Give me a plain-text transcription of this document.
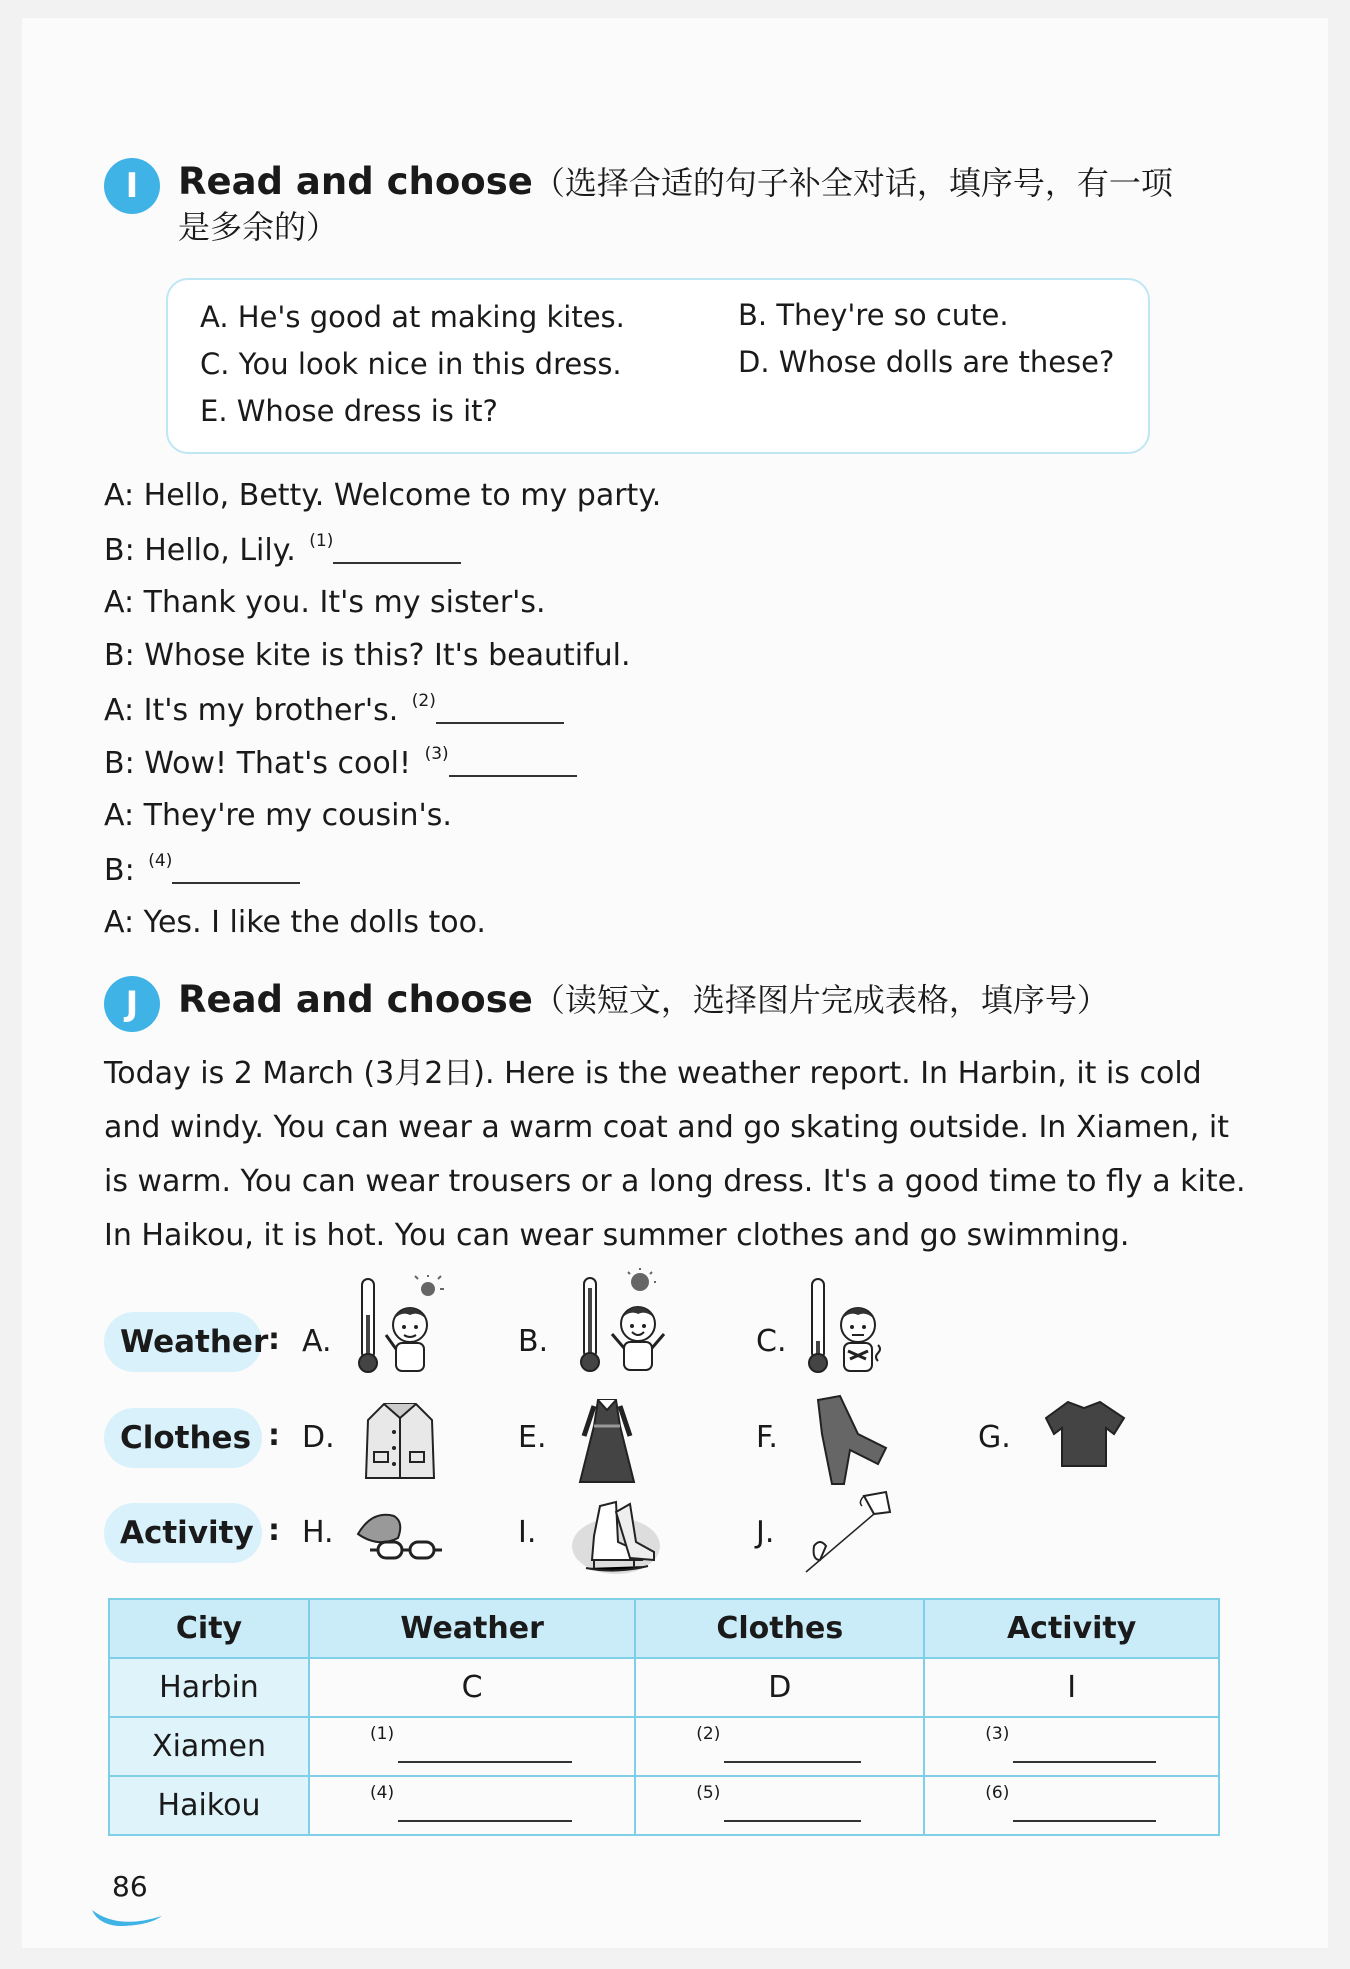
I	Read and choose（选择合适的句子补全对话，填序号，有一项
是多余的）
A. He's good at making kites.	B. They're so cute.
C. You look nice in this dress.	D. Whose dolls are these?
E. Whose dress is it?
A: Hello, Betty. Welcome to my party.
B: Hello, Lily. $^{(1)}$
A: Thank you. It's my sister's.
B: Whose kite is this? It's beautiful.
A: It's my brother's. $^{(2)}$
B: Wow! That's cool! $^{(3)}$
A: They're my cousin's.
B: $^{(4)}$
A: Yes. I like the dolls too.
J	Read and choose （读短文，选择图片完成表格，填序号）
Today is 2 March (3月2日). Here is the weather report. In Harbin, it is cold and windy. You can wear a warm coat and go skating outside. In Xiamen, it is warm. You can wear trousers or a long dress. It's a good time to fly a kite. In Haikou, it is hot. You can wear summer clothes and go swimming.
Weather : A.	B.	C.
Clothes : D.	E.	F.	G.
Activity : H.	I.	J.
City	Weather	Clothes	Activity
Harbin	C	D	I
Xiamen	(1)	(2)	(3)

Haikou	(4)	(5)	(6)
86
